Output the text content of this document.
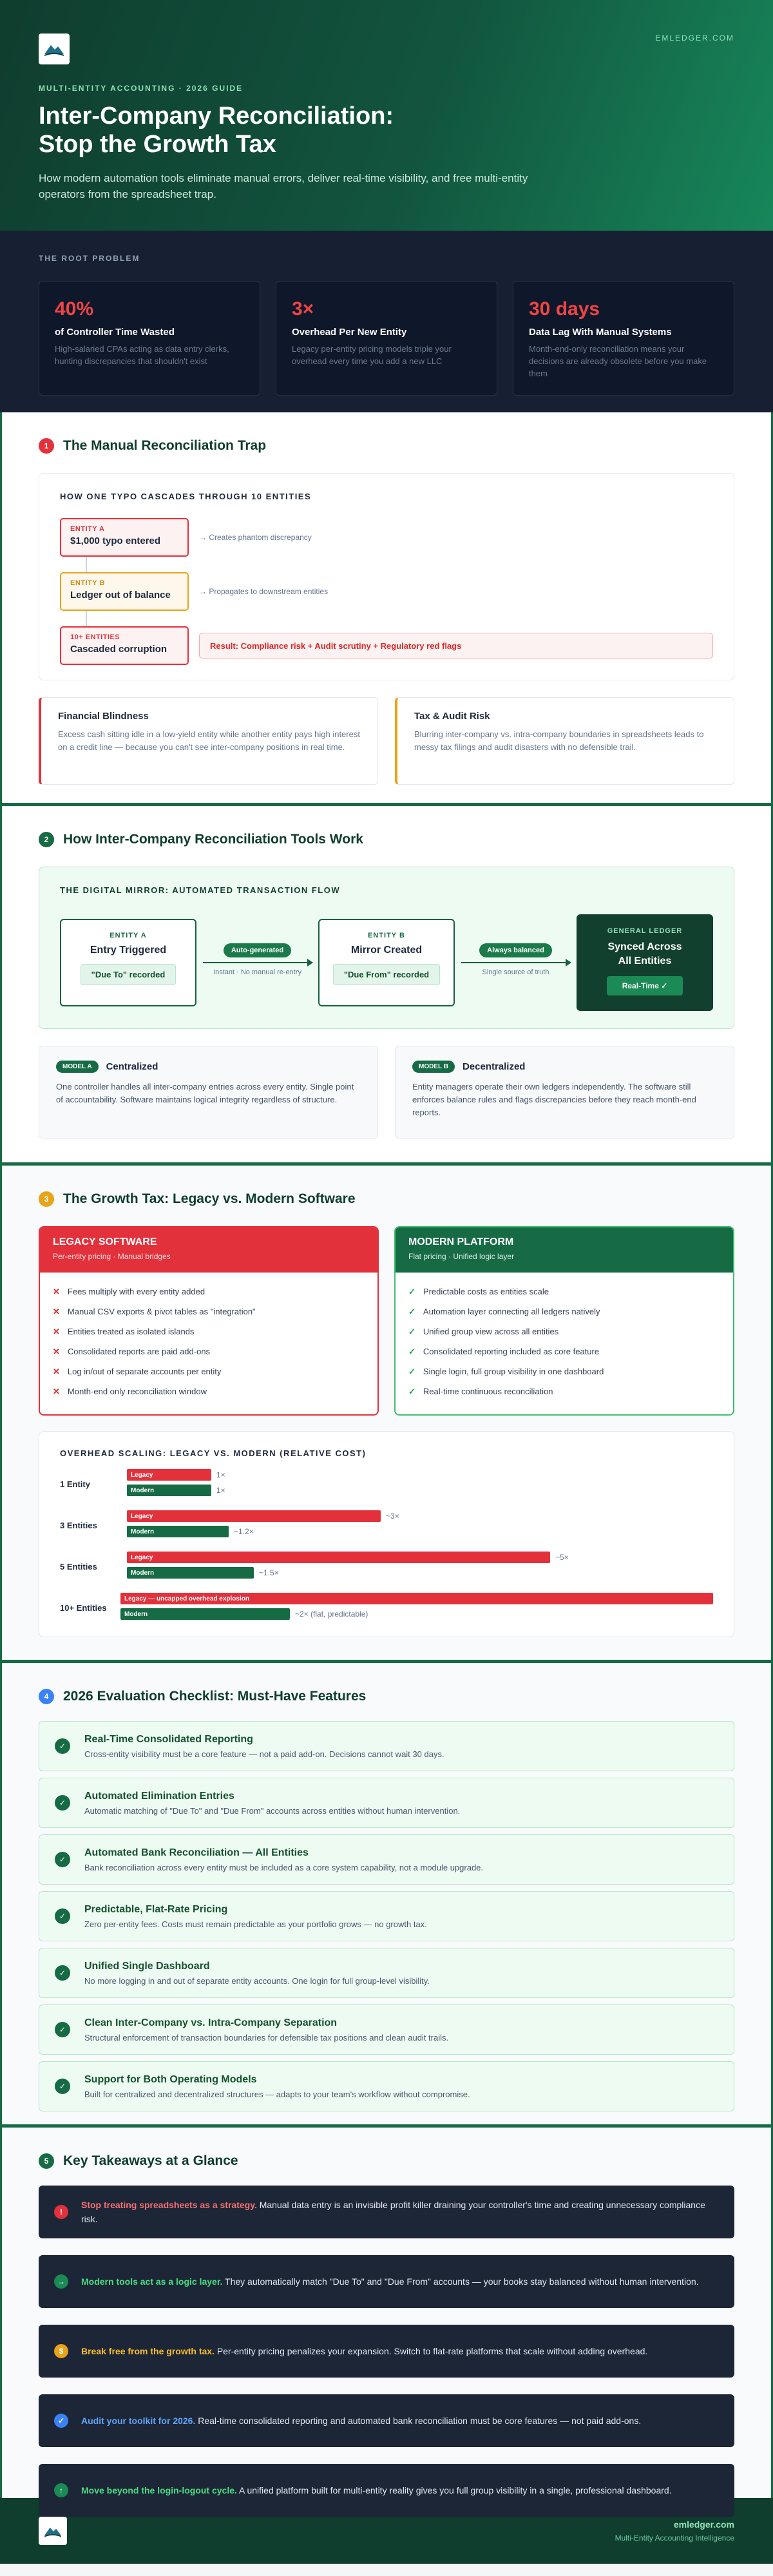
EMLEDGER.COM
MULTI-ENTITY ACCOUNTING · 2026 GUIDE
Inter-Company Reconciliation:
Stop the Growth Tax

How modern automation tools eliminate manual errors, deliver real-time visibility, and free multi-entity operators from the spreadsheet trap.

THE ROOT PROBLEM
40%
of Controller Time Wasted
High-salaried CPAs acting as data entry clerks, hunting discrepancies that shouldn't exist
3×
Overhead Per New Entity
Legacy per-entity pricing models triple your overhead every time you add a new LLC
30 days
Data Lag With Manual Systems
Month-end-only reconciliation means your decisions are already obsolete before you make them
1	The Manual Reconciliation Trap
HOW ONE TYPO CASCADES THROUGH 10 ENTITIES
ENTITY A
$1,000 typo entered	→ Creates phantom discrepancy
ENTITY B
Ledger out of balance	→ Propagates to downstream entities
10+ ENTITIES
Cascaded corruption	Result: Compliance risk + Audit scrutiny + Regulatory red flags
Financial Blindness

Excess cash sitting idle in a low-yield entity while another entity pays high interest on a credit line — because you can't see inter-company positions in real time.

Tax & Audit Risk

Blurring inter-company vs. intra-company boundaries in spreadsheets leads to messy tax filings and audit disasters with no defensible trail.

2	How Inter-Company Reconciliation Tools Work
THE DIGITAL MIRROR: AUTOMATED TRANSACTION FLOW
ENTITY A
Entry Triggered
"Due To" recorded
Auto-generated
Instant · No manual re-entry
ENTITY B
Mirror Created
"Due From" recorded
Always balanced
Single source of truth
GENERAL LEDGER
Synced Across
All Entities
Real-Time ✓
MODEL A	Centralized

One controller handles all inter-company entries across every entity. Single point of accountability. Software maintains logical integrity regardless of structure.

MODEL B	Decentralized

Entity managers operate their own ledgers independently. The software still enforces balance rules and flags discrepancies before they reach month-end reports.

3	The Growth Tax: Legacy vs. Modern Software
LEGACY SOFTWARE
Per-entity pricing · Manual bridges
✕ Fees multiply with every entity added
✕ Manual CSV exports & pivot tables as "integration"
✕ Entities treated as isolated islands
✕ Consolidated reports are paid add-ons
✕ Log in/out of separate accounts per entity
✕ Month-end only reconciliation window
MODERN PLATFORM
Flat pricing · Unified logic layer
✓ Predictable costs as entities scale
✓ Automation layer connecting all ledgers natively
✓ Unified group view across all entities
✓ Consolidated reporting included as core feature
✓ Single login, full group visibility in one dashboard
✓ Real-time continuous reconciliation
OVERHEAD SCALING: LEGACY VS. MODERN (RELATIVE COST)
1 Entity
Legacy	1×
Modern	1×
3 Entities
Legacy	~3×
Modern	~1.2×
5 Entities
Legacy	~5×
Modern	~1.5×
10+ Entities
Legacy — uncapped overhead explosion
Modern	~2× (flat, predictable)
4	2026 Evaluation Checklist: Must-Have Features
✓
Real-Time Consolidated Reporting
Cross-entity visibility must be a core feature — not a paid add-on. Decisions cannot wait 30 days.
✓
Automated Elimination Entries
Automatic matching of "Due To" and "Due From" accounts across entities without human intervention.
✓
Automated Bank Reconciliation — All Entities
Bank reconciliation across every entity must be included as a core system capability, not a module upgrade.
✓
Predictable, Flat-Rate Pricing
Zero per-entity fees. Costs must remain predictable as your portfolio grows — no growth tax.
✓
Unified Single Dashboard
No more logging in and out of separate entity accounts. One login for full group-level visibility.
✓
Clean Inter-Company vs. Intra-Company Separation
Structural enforcement of transaction boundaries for defensible tax positions and clean audit trails.
✓
Support for Both Operating Models
Built for centralized and decentralized structures — adapts to your team's workflow without compromise.
5	Key Takeaways at a Glance
!
Stop treating spreadsheets as a strategy. Manual data entry is an invisible profit killer draining your controller's time and creating unnecessary compliance risk.
→	Modern tools act as a logic layer. They automatically match "Due To" and "Due From" accounts — your books stay balanced without human intervention.
$	Break free from the growth tax. Per-entity pricing penalizes your expansion. Switch to flat-rate platforms that scale without adding overhead.
✓	Audit your toolkit for 2026. Real-time consolidated reporting and automated bank reconciliation must be core features — not paid add-ons.
↑	Move beyond the login-logout cycle. A unified platform built for multi-entity reality gives you full group visibility in a single, professional dashboard.
emledger.com
Multi-Entity Accounting Intelligence
